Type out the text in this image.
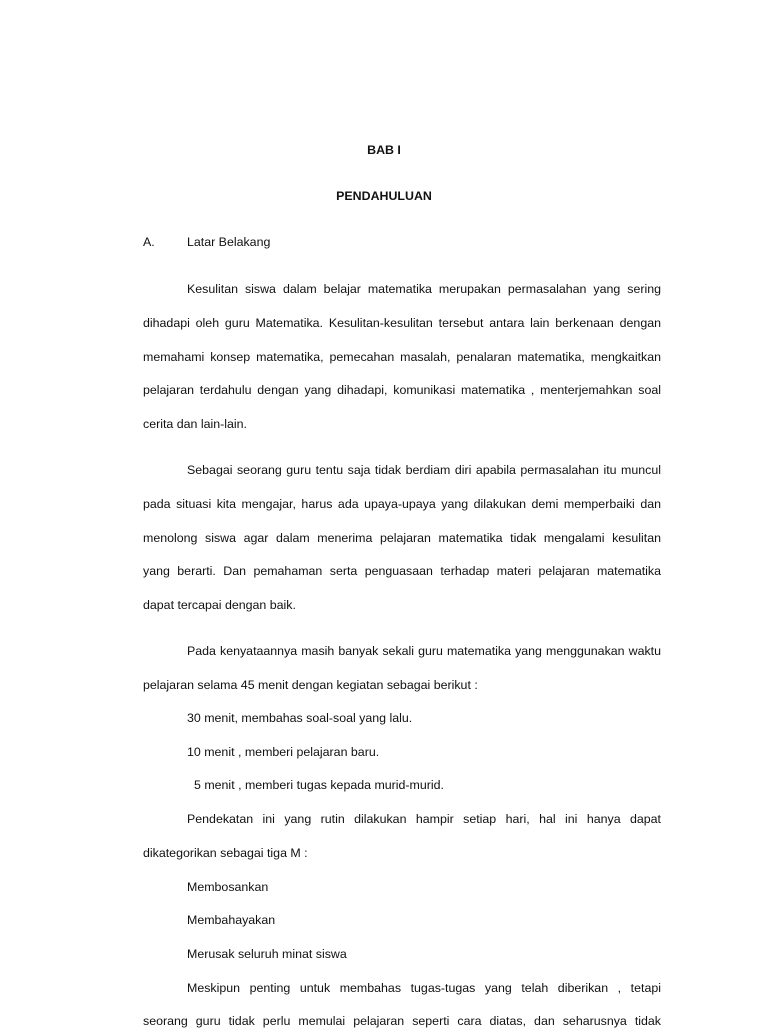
BAB I
PENDAHULUAN
A.	Latar Belakang
Kesulitan siswa dalam belajar matematika merupakan permasalahan yang sering
dihadapi oleh guru Matematika. Kesulitan-kesulitan tersebut antara lain berkenaan dengan
memahami konsep matematika, pemecahan masalah, penalaran matematika, mengkaitkan
pelajaran terdahulu dengan yang dihadapi, komunikasi matematika , menterjemahkan soal
cerita dan lain-lain.
Sebagai seorang guru tentu saja tidak berdiam diri apabila permasalahan itu muncul
pada situasi kita mengajar, harus ada upaya-upaya yang dilakukan demi memperbaiki dan
menolong siswa agar dalam menerima pelajaran matematika tidak mengalami kesulitan
yang berarti. Dan pemahaman serta penguasaan terhadap materi pelajaran matematika
dapat tercapai dengan baik.
Pada kenyataannya masih banyak sekali guru matematika yang menggunakan waktu
pelajaran selama 45 menit dengan kegiatan sebagai berikut :
30 menit, membahas soal-soal yang lalu.
10 menit , memberi pelajaran baru.
5 menit , memberi tugas kepada murid-murid.
Pendekatan ini yang rutin dilakukan hampir setiap hari, hal ini hanya dapat
dikategorikan sebagai tiga M :
Membosankan
Membahayakan
Merusak seluruh minat siswa
Meskipun penting untuk membahas tugas-tugas yang telah diberikan , tetapi
seorang guru tidak perlu memulai pelajaran seperti cara diatas, dan seharusnya tidak
